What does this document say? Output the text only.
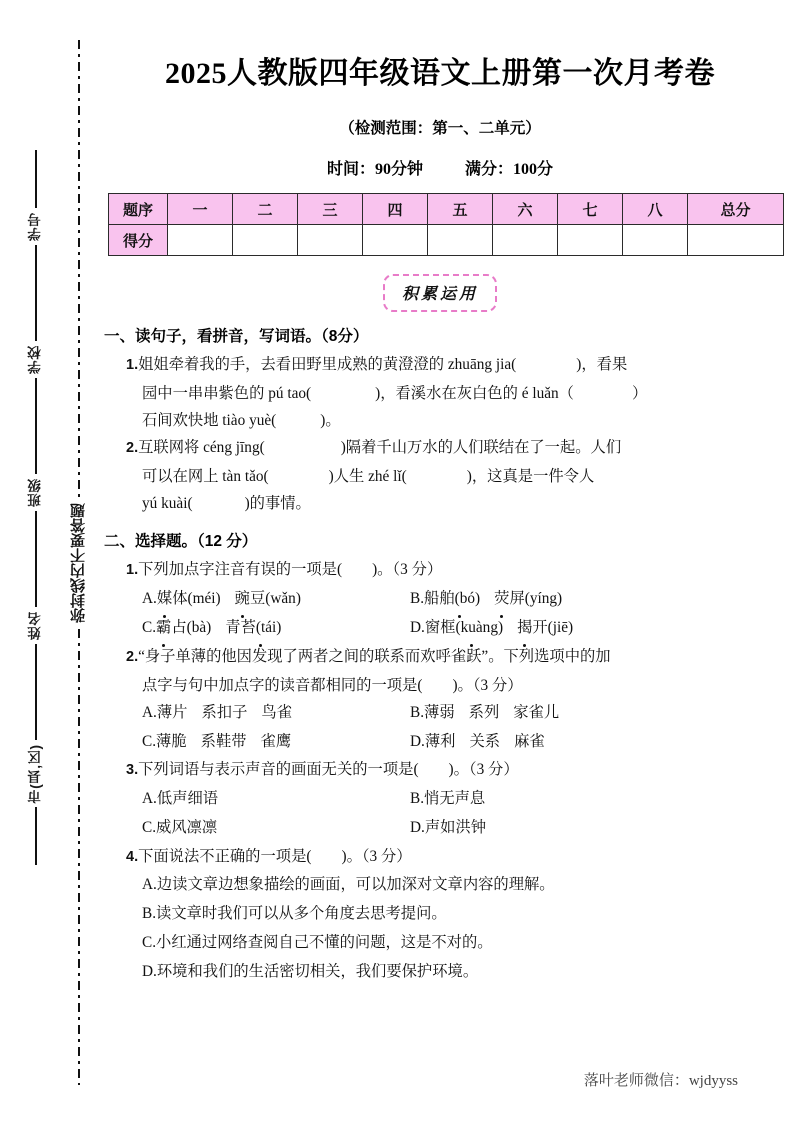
学号
学校
班级
姓名
市(县,区)
弥封线内不要答题
2025人教版四年级语文上册第一次月考卷
（检测范围：第一、二单元）
时间：90分钟	满分：100分
题序	一	二	三	四	五	六	七	八	总分
得分									
积累运用
一、读句子，看拼音，写词语。（8分）
1.姐姐牵着我的手，去看田野里成熟的黄澄澄的 zhuāng jia(	)，看果
园中一串串紫色的 pú tao(	)，看溪水在灰白色的 é luǎn（	）
石间欢快地 tiào yuè(	)。
2.互联网将 céng jīng(	)隔着千山万水的人们联结在了一起。人们
可以在网上 tàn tǎo(	)人生 zhé lǐ(	)，这真是一件令人
yú kuài(	)的事情。
二、选择题。（12 分）
1.下列加点字注音有误的一项是( )。（3 分）
A.媒体(méi) 豌豆(wǎn)	B.船舶(bó) 荧屏(yíng)
C.霸占(bà) 青苔(tái)	D.窗框(kuàng) 揭开(jiē)
2.“身子单薄的他因发现了两者之间的联系而欢呼雀跃”。下列选项中的加
点字与句中加点字的读音都相同的一项是( )。（3 分）
A.薄片 系扣子 鸟雀	B.薄弱 系列 家雀儿
C.薄脆 系鞋带 雀鹰	D.薄利 关系 麻雀
3.下列词语与表示声音的画面无关的一项是( )。（3 分）
A.低声细语	B.悄无声息
C.威风凛凛	D.声如洪钟
4.下面说法不正确的一项是( )。（3 分）
A.边读文章边想象描绘的画面，可以加深对文章内容的理解。
B.读文章时我们可以从多个角度去思考提问。
C.小红通过网络查阅自己不懂的问题，这是不对的。
D.环境和我们的生活密切相关，我们要保护环境。
落叶老师微信：wjdyyss
